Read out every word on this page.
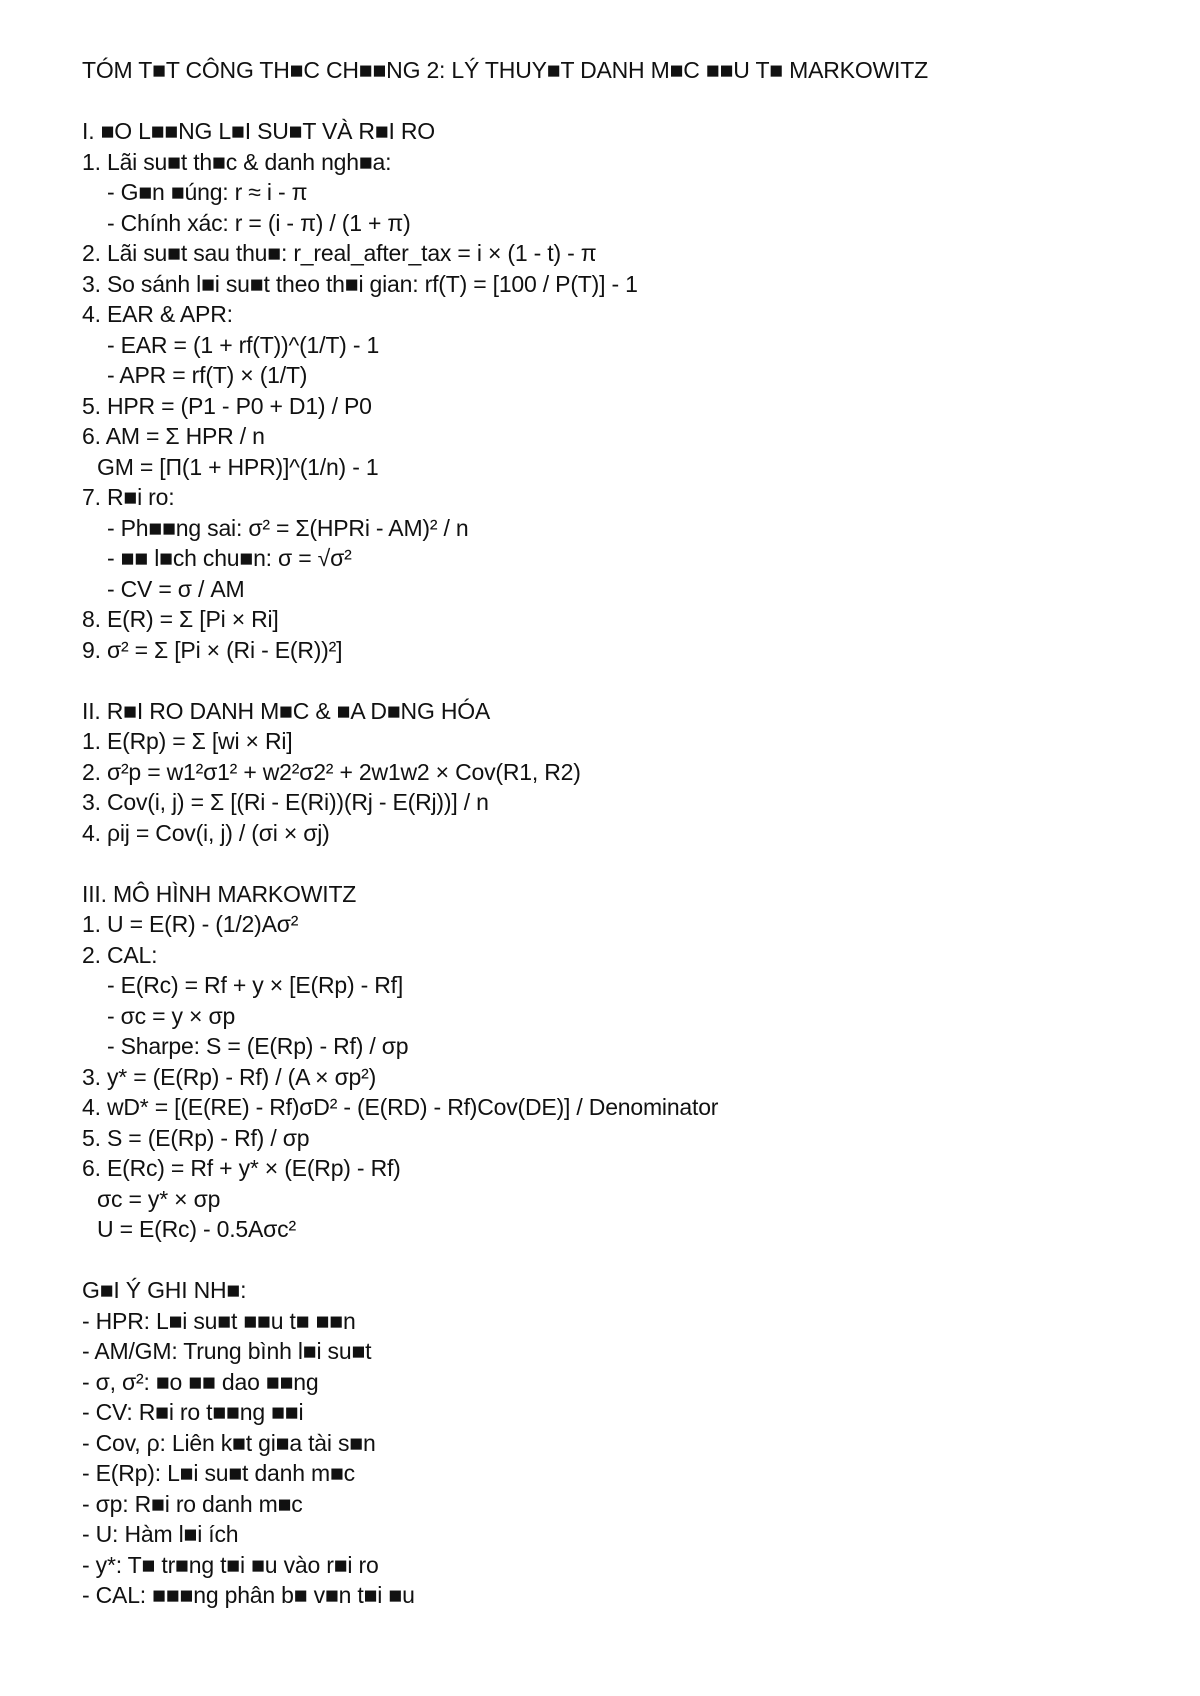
TÓM T■T CÔNG TH■C CH■■NG 2: LÝ THUY■T DANH M■C ■■U T■ MARKOWITZ
I. ■O L■■NG L■I SU■T VÀ R■I RO
1. Lãi su■t th■c & danh ngh■a:
- G■n ■úng: r ≈ i - π
- Chính xác: r = (i - π) / (1 + π)
2. Lãi su■t sau thu■: r_real_after_tax = i × (1 - t) - π
3. So sánh l■i su■t theo th■i gian: rf(T) = [100 / P(T)] - 1
4. EAR & APR:
- EAR = (1 + rf(T))^(1/T) - 1
- APR = rf(T) × (1/T)
5. HPR = (P1 - P0 + D1) / P0
6. AM = Σ HPR / n
GM = [Π(1 + HPR)]^(1/n) - 1
7. R■i ro:
- Ph■■ng sai: σ² = Σ(HPRi - AM)² / n
- ■■ l■ch chu■n: σ = √σ²
- CV = σ / AM
8. E(R) = Σ [Pi × Ri]
9. σ² = Σ [Pi × (Ri - E(R))²]
II. R■I RO DANH M■C & ■A D■NG HÓA
1. E(Rp) = Σ [wi × Ri]
2. σ²p = w1²σ1² + w2²σ2² + 2w1w2 × Cov(R1, R2)
3. Cov(i, j) = Σ [(Ri - E(Ri))(Rj - E(Rj))] / n
4. ρij = Cov(i, j) / (σi × σj)
III. MÔ HÌNH MARKOWITZ
1. U = E(R) - (1/2)Aσ²
2. CAL:
- E(Rc) = Rf + y × [E(Rp) - Rf]
- σc = y × σp
- Sharpe: S = (E(Rp) - Rf) / σp
3. y* = (E(Rp) - Rf) / (A × σp²)
4. wD* = [(E(RE) - Rf)σD² - (E(RD) - Rf)Cov(DE)] / Denominator
5. S = (E(Rp) - Rf) / σp
6. E(Rc) = Rf + y* × (E(Rp) - Rf)
σc = y* × σp
U = E(Rc) - 0.5Aσc²
G■I Ý GHI NH■:
- HPR: L■i su■t ■■u t■ ■■n
- AM/GM: Trung bình l■i su■t
- σ, σ²: ■o ■■ dao ■■ng
- CV: R■i ro t■■ng ■■i
- Cov, ρ: Liên k■t gi■a tài s■n
- E(Rp): L■i su■t danh m■c
- σp: R■i ro danh m■c
- U: Hàm l■i ích
- y*: T■ tr■ng t■i ■u vào r■i ro
- CAL: ■■■ng phân b■ v■n t■i ■u
